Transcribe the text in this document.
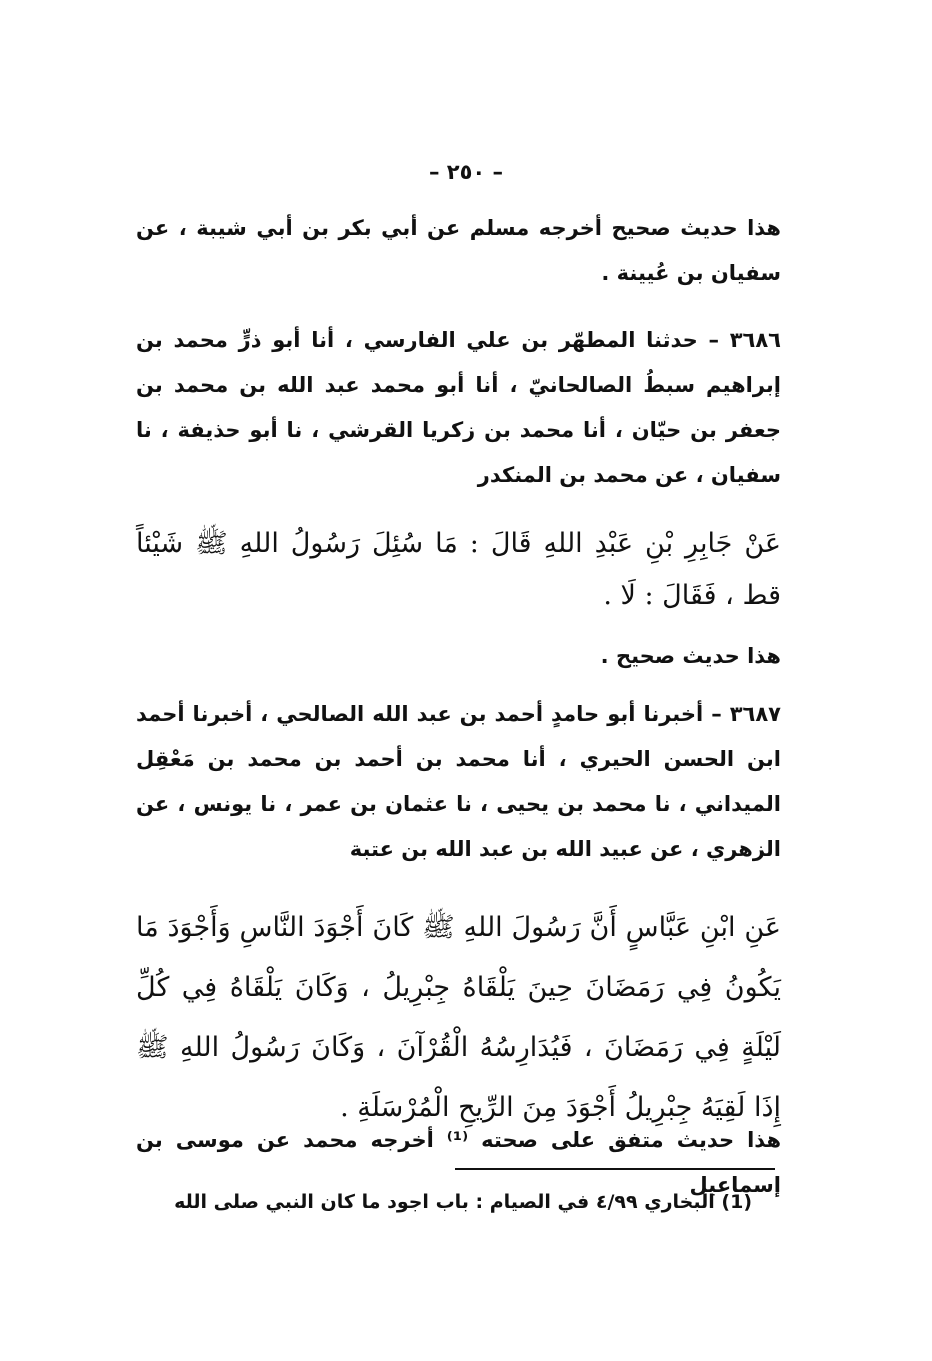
– ٢٥٠ –
هذا حديث صحيح أخرجه مسلم عن أبي بكر بن أبي شيبة ، عن سفيان بن عُيينة .
٣٦٨٦ – حدثنا المطهّر بن علي الفارسي ، أنا أبو ذرٍّ محمد بن إبراهيم سبطُ الصالحانيّ ، أنا أبو محمد عبد الله بن محمد بن جعفر بن حيّان ، أنا محمد بن زكريا القرشي ، نا أبو حذيفة ، نا سفيان ، عن محمد بن المنكدر
عَنْ جَابِرِ بْنِ عَبْدِ اللهِ قَالَ : مَا سُئِلَ رَسُولُ اللهِ ﷺ شَيْئاً قط ، فَقَالَ : لَا .
هذا حديث صحيح .
٣٦٨٧ – أخبرنا أبو حامدٍ أحمد بن عبد الله الصالحي ، أخبرنا أحمد ابن الحسن الحيري ، أنا محمد بن أحمد بن محمد بن مَعْقِل الميداني ، نا محمد بن يحيى ، نا عثمان بن عمر ، نا يونس ، عن الزهري ، عن عبيد الله بن عبد الله بن عتبة
عَنِ ابْنِ عَبَّاسٍ أَنَّ رَسُولَ اللهِ ﷺ كَانَ أَجْوَدَ النَّاسِ وَأَجْوَدَ مَا يَكُونُ فِي رَمَضَانَ حِينَ يَلْقَاهُ جِبْرِيلُ ، وَكَانَ يَلْقَاهُ فِي كُلِّ لَيْلَةٍ فِي رَمَضَانَ ، فَيُدَارِسُهُ الْقُرْآنَ ، وَكَانَ رَسُولُ اللهِ ﷺ إِذَا لَقِيَهُ جِبْرِيلُ أَجْوَدَ مِنَ الرِّيحِ الْمُرْسَلَةِ .
هذا حديث متفق على صحته ⁽¹⁾ أخرجه محمد عن موسى بن إسماعيل
(1) البخاري ٤/٩٩ في الصيام : باب اجود ما كان النبي صلى الله
